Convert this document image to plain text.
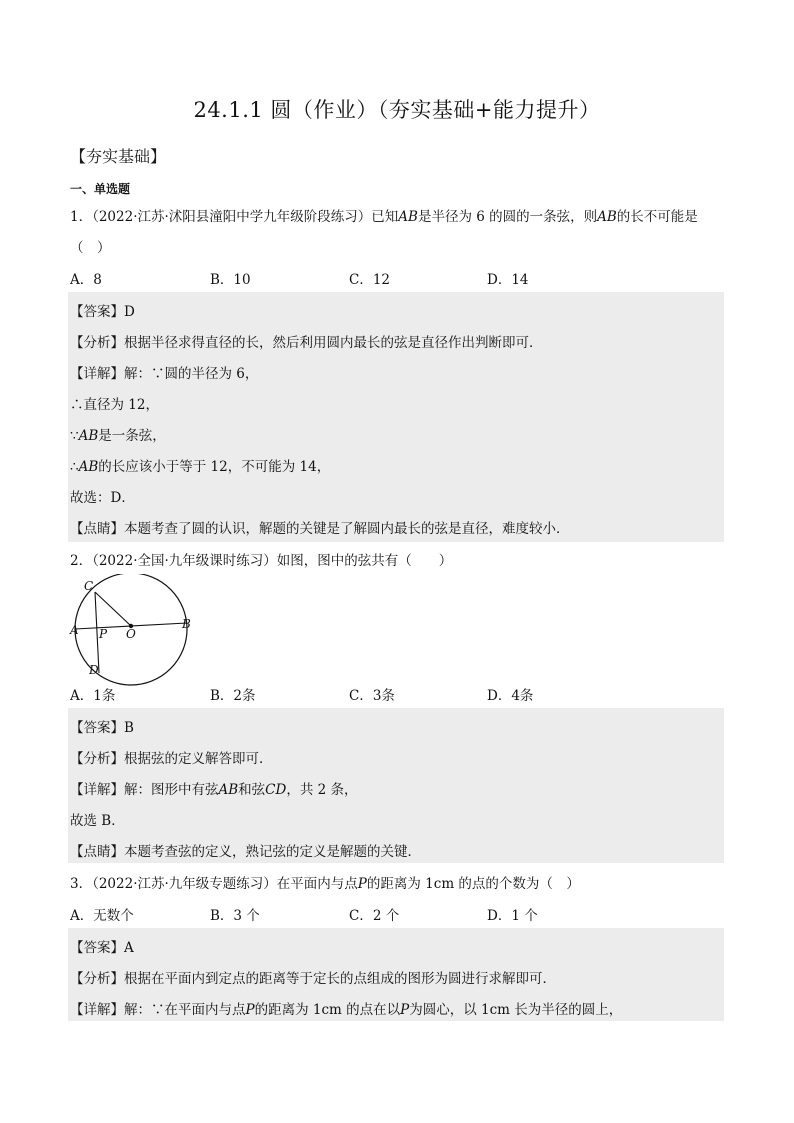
24.1.1 圆（作业）（夯实基础+能力提升）
【夯实基础】
一、单选题
1．（2022·江苏·沭阳县潼阳中学九年级阶段练习）已知AB是半径为 6 的圆的一条弦，则AB的长不可能是
（　）
A．8	B．10	C．12	D．14
【答案】D
【分析】根据半径求得直径的长，然后利用圆内最长的弦是直径作出判断即可．
【详解】解：∵圆的半径为 6，
∴直径为 12，
∵AB是一条弦，
∴AB的长应该小于等于 12，不可能为 14，
故选：D．
【点睛】本题考查了圆的认识，解题的关键是了解圆内最长的弦是直径，难度较小．
2．（2022·全国·九年级课时练习）如图，图中的弦共有（　　）
C
A P O
B
D
A．1条	B．2条	C．3条	D．4条
【答案】B
【分析】根据弦的定义解答即可．
【详解】解：图形中有弦AB和弦CD，共 2 条，
故选 B．
【点睛】本题考查弦的定义，熟记弦的定义是解题的关键．
3．（2022·江苏·九年级专题练习）在平面内与点P的距离为 1cm 的点的个数为（　）
A．无数个	B．3 个	C．2 个	D．1 个
【答案】A
【分析】根据在平面内到定点的距离等于定长的点组成的图形为圆进行求解即可．
【详解】解：∵在平面内与点P的距离为 1cm 的点在以P为圆心，以 1cm 长为半径的圆上，
